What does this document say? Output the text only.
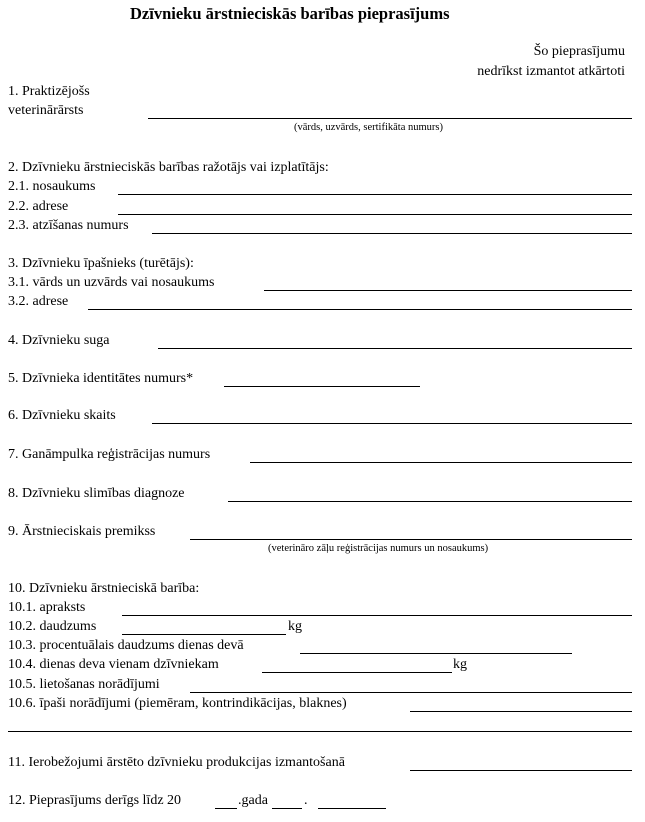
Dzīvnieku ārstnieciskās barības pieprasījums
Šo pieprasījumu
nedrīkst izmantot atkārtoti
1. Praktizējošs
veterinārārsts
(vārds, uzvārds, sertifikāta numurs)
2. Dzīvnieku ārstnieciskās barības ražotājs vai izplatītājs:
2.1. nosaukums
2.2. adrese
2.3. atzīšanas numurs
3. Dzīvnieku īpašnieks (turētājs):
3.1. vārds un uzvārds vai nosaukums
3.2. adrese
4. Dzīvnieku suga
5. Dzīvnieka identitātes numurs*
6. Dzīvnieku skaits
7. Ganāmpulka reģistrācijas numurs
8. Dzīvnieku slimības diagnoze
9. Ārstnieciskais premikss
(veterināro zāļu reģistrācijas numurs un nosaukums)
10. Dzīvnieku ārstnieciskā barība:
10.1. apraksts
10.2. daudzums	kg
10.3. procentuālais daudzums dienas devā
10.4. dienas deva vienam dzīvniekam	kg
10.5. lietošanas norādījumi
10.6. īpaši norādījumi (piemēram, kontrindikācijas, blaknes)
11. Ierobežojumi ārstēto dzīvnieku produkcijas izmantošanā
12. Pieprasījums derīgs līdz 20	.gada	.
